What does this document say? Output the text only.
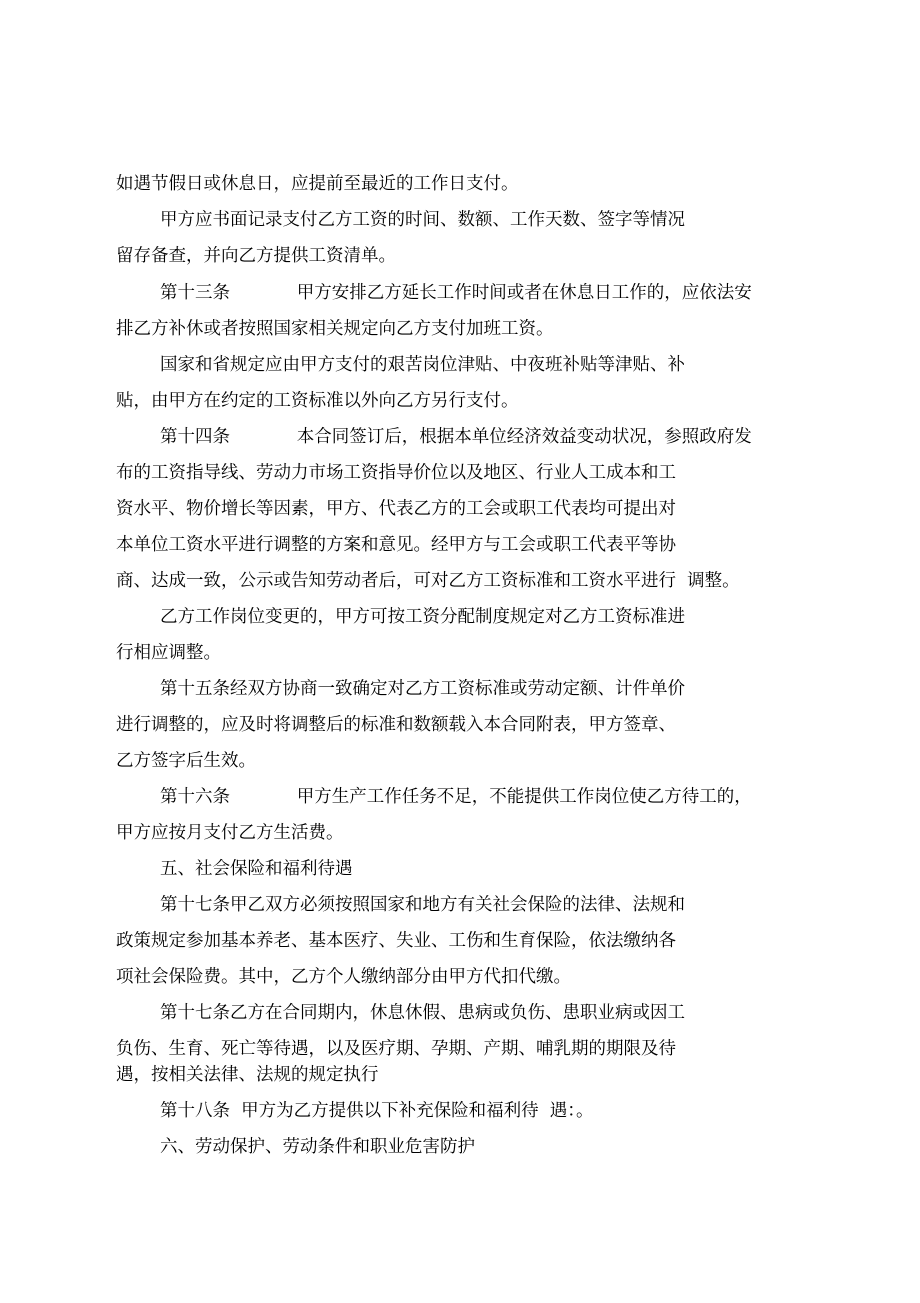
如遇节假日或休息日，应提前至最近的工作日支付。

甲方应书面记录支付乙方工资的时间、数额、工作天数、签字等情况

留存备查，并向乙方提供工资清单。

第十三条            甲方安排乙方延长工作时间或者在休息日工作的，应依法安

排乙方补休或者按照国家相关规定向乙方支付加班工资。

国家和省规定应由甲方支付的艰苦岗位津贴、中夜班补贴等津贴、补

贴，由甲方在约定的工资标准以外向乙方另行支付。

第十四条            本合同签订后，根据本单位经济效益变动状况，参照政府发

布的工资指导线、劳动力市场工资指导价位以及地区、行业人工成本和工

资水平、物价增长等因素，甲方、代表乙方的工会或职工代表均可提出对

本单位工资水平进行调整的方案和意见。经甲方与工会或职工代表平等协

商、达成一致，公示或告知劳动者后，可对乙方工资标准和工资水平进行  调整。

乙方工作岗位变更的，甲方可按工资分配制度规定对乙方工资标准进

行相应调整。

第十五条经双方协商一致确定对乙方工资标准或劳动定额、计件单价

进行调整的，应及时将调整后的标准和数额载入本合同附表，甲方签章、

乙方签字后生效。

第十六条            甲方生产工作任务不足，不能提供工作岗位使乙方待工的，

甲方应按月支付乙方生活费。

五、社会保险和福利待遇

第十七条甲乙双方必须按照国家和地方有关社会保险的法律、法规和

政策规定参加基本养老、基本医疗、失业、工伤和生育保险，依法缴纳各

项社会保险费。其中，乙方个人缴纳部分由甲方代扣代缴。

第十七条乙方在合同期内，休息休假、患病或负伤、患职业病或因工

负伤、生育、死亡等待遇，以及医疗期、孕期、产期、哺乳期的期限及待

遇，按相关法律、法规的规定执行

第十八条  甲方为乙方提供以下补充保险和福利待  遇：。

六、劳动保护、劳动条件和职业危害防护
